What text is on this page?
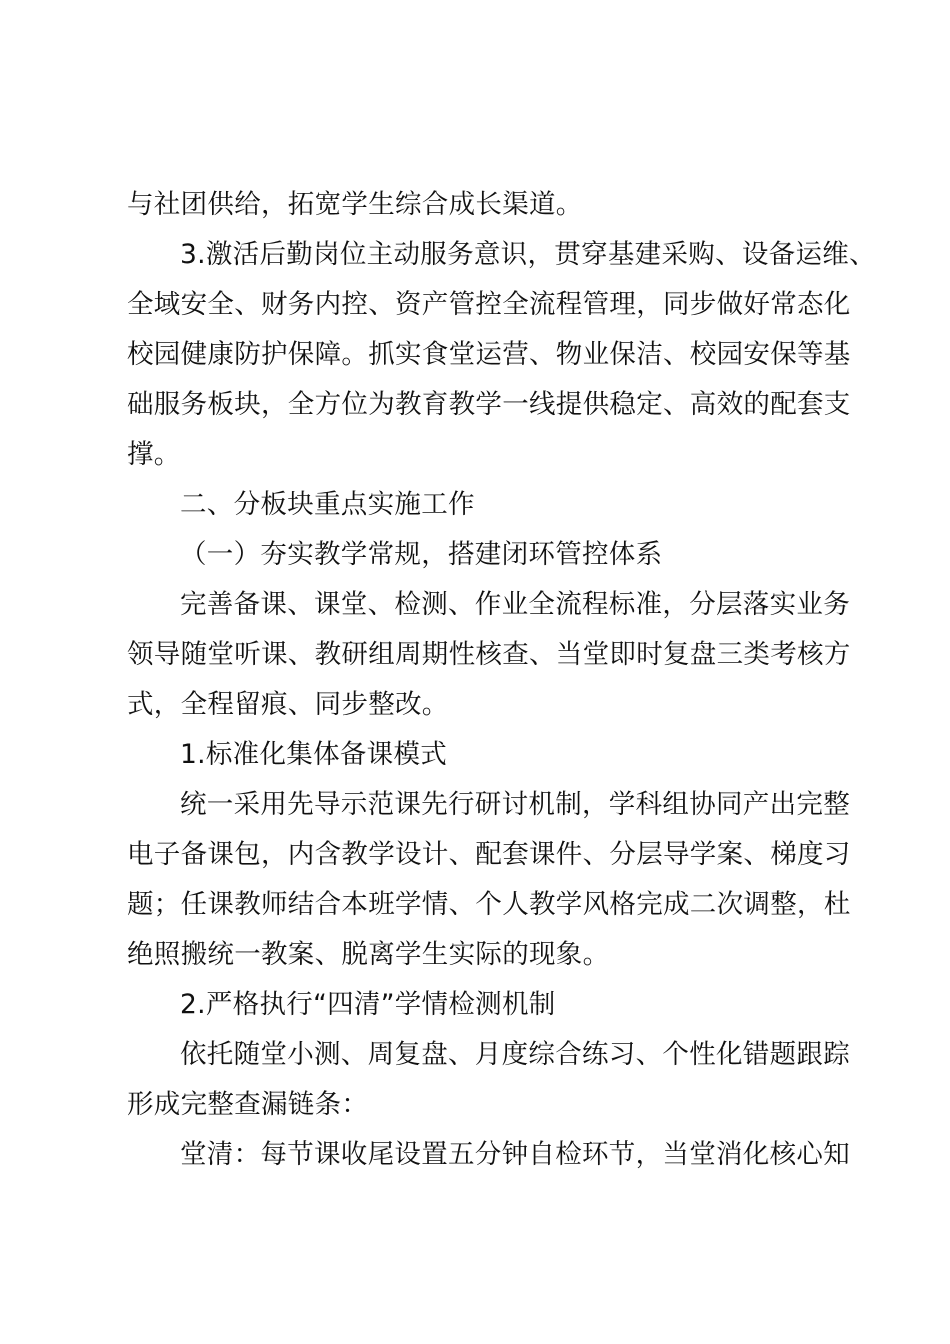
与社团供给，拓宽学生综合成长渠道。
3.激活后勤岗位主动服务意识，贯穿基建采购、设备运维、
全域安全、财务内控、资产管控全流程管理，同步做好常态化
校园健康防护保障。抓实食堂运营、物业保洁、校园安保等基
础服务板块，全方位为教育教学一线提供稳定、高效的配套支
撑。
二、分板块重点实施工作
（一）夯实教学常规，搭建闭环管控体系
完善备课、课堂、检测、作业全流程标准，分层落实业务
领导随堂听课、教研组周期性核查、当堂即时复盘三类考核方
式，全程留痕、同步整改。
1.标准化集体备课模式
统一采用先导示范课先行研讨机制，学科组协同产出完整
电子备课包，内含教学设计、配套课件、分层导学案、梯度习
题；任课教师结合本班学情、个人教学风格完成二次调整，杜
绝照搬统一教案、脱离学生实际的现象。
2.严格执行“四清”学情检测机制
依托随堂小测、周复盘、月度综合练习、个性化错题跟踪
形成完整查漏链条：
堂清：每节课收尾设置五分钟自检环节，当堂消化核心知
